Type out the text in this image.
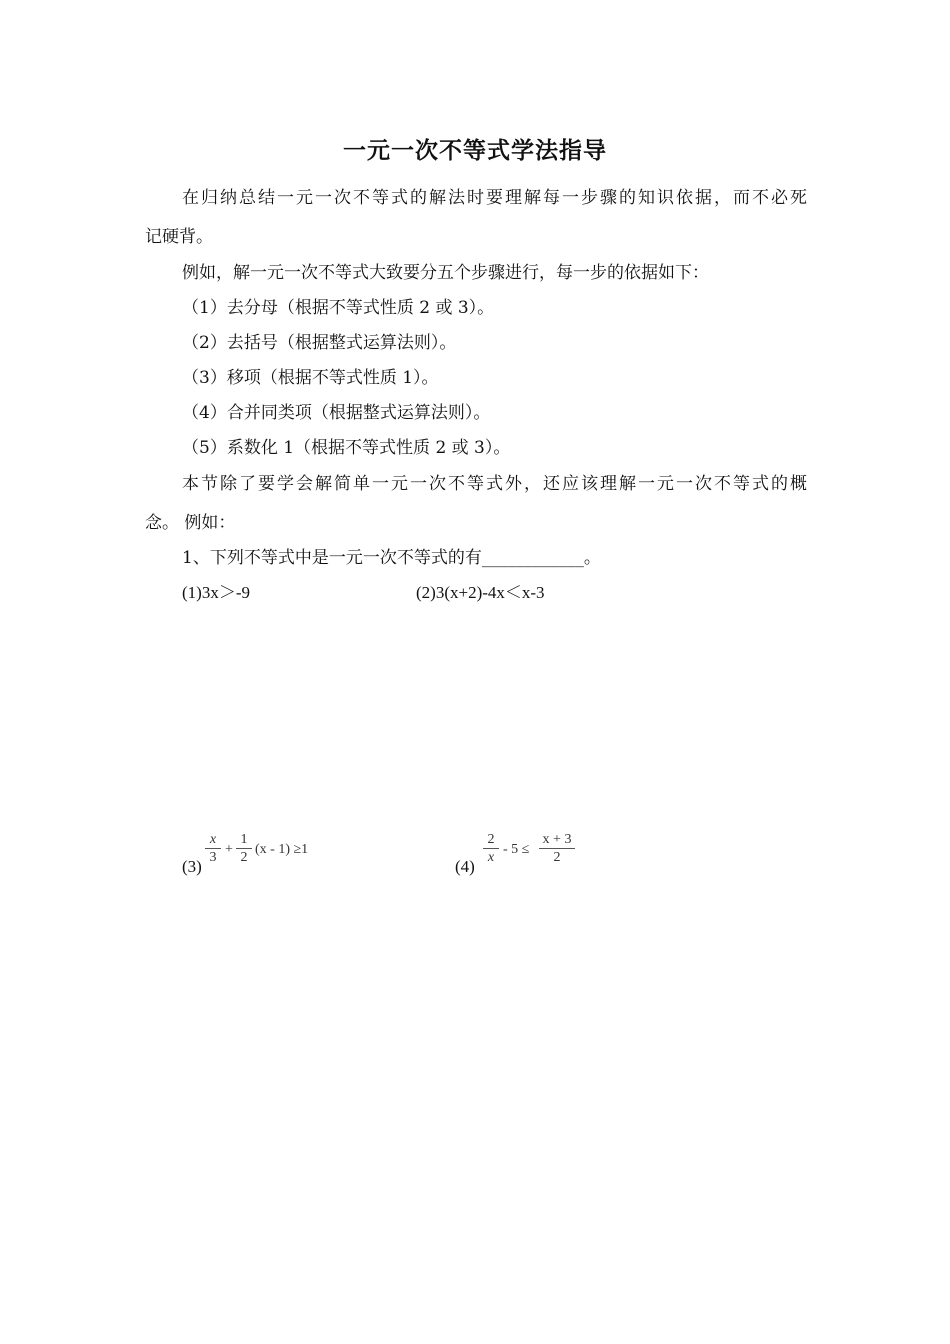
一元一次不等式学法指导
在归纳总结一元一次不等式的解法时要理解每一步骤的知识依据，而不必死
记硬背。
例如，解一元一次不等式大致要分五个步骤进行，每一步的依据如下：
（1）去分母（根据不等式性质 2 或 3）。
（2）去括号（根据整式运算法则）。
（3）移项（根据不等式性质 1）。
（4）合并同类项（根据整式运算法则）。
（5）系数化 1（根据不等式性质 2 或 3）。
本节除了要学会解简单一元一次不等式外，还应该理解一元一次不等式的概
念。 例如：
1、下列不等式中是一元一次不等式的有____________。
(1)3x＞-9	(2)3(x+2)-4x＜x-3
(3)
x
3
+
1
2
(x - 1) ≥1
(4)
2
x
- 5 ≤
x + 3
2
